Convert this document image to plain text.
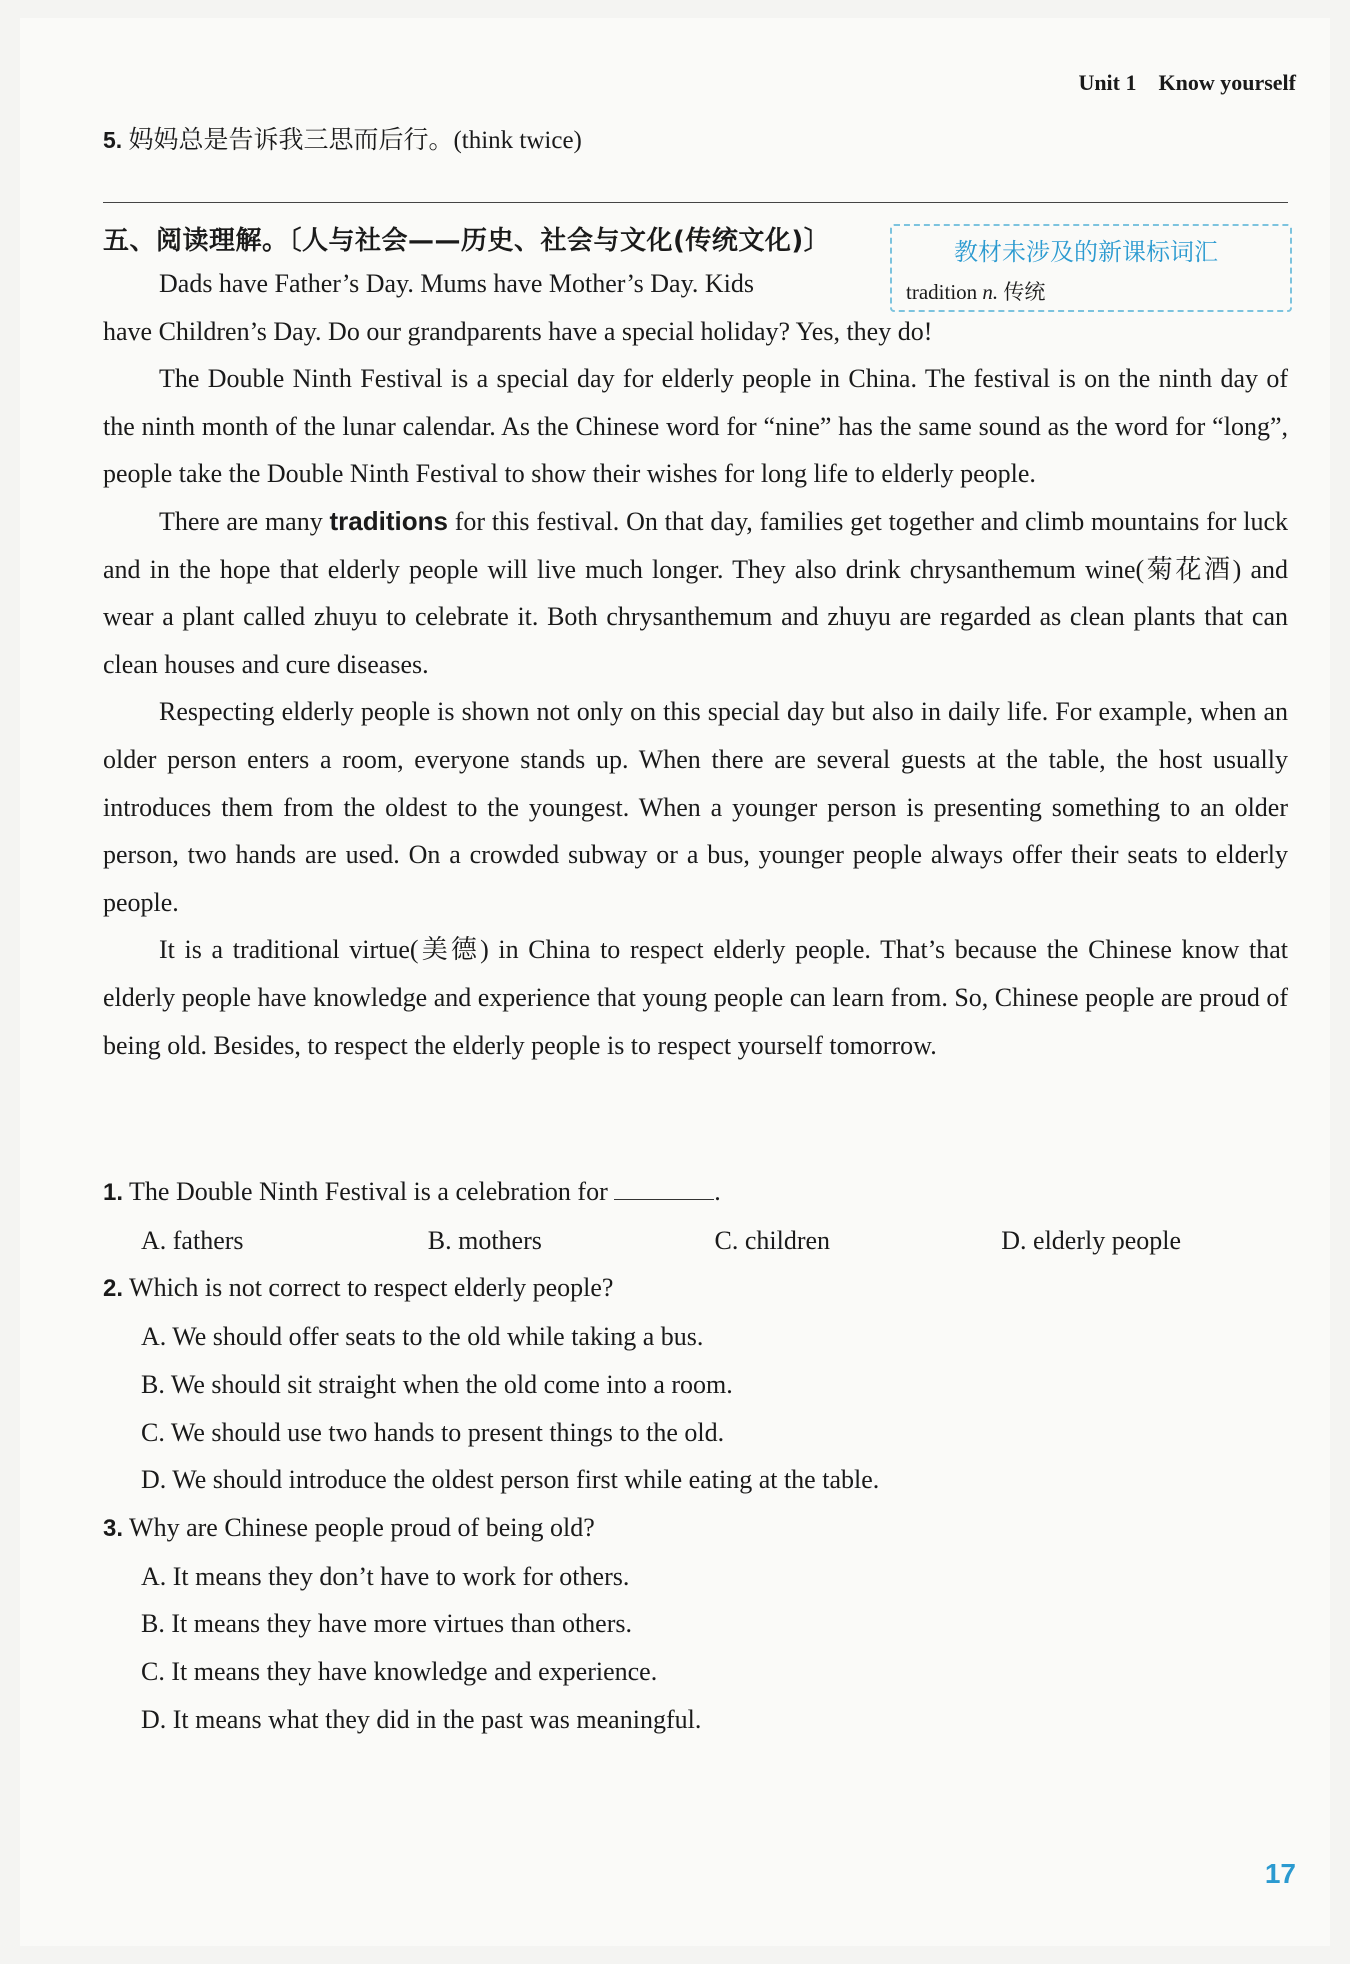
Unit 1 Know yourself
5. 妈妈总是告诉我三思而后行。(think twice)
五、阅读理解。〔人与社会——历史、社会与文化(传统文化)〕	教材未涉及的新课标词汇
tradition n. 传统

Dads have Father’s Day. Mums have Mother’s Day. Kids

have Children’s Day. Do our grandparents have a special holiday? Yes, they do!

The Double Ninth Festival is a special day for elderly people in China. The festival is on the ninth day of the ninth month of the lunar calendar. As the Chinese word for “nine” has the same sound as the word for “long”, people take the Double Ninth Festival to show their wishes for long life to elderly people.

There are many traditions for this festival. On that day, families get together and climb mountains for luck and in the hope that elderly people will live much longer. They also drink chrysanthemum wine(菊花酒) and wear a plant called zhuyu to celebrate it. Both chrysanthemum and zhuyu are regarded as clean plants that can clean houses and cure diseases.

Respecting elderly people is shown not only on this special day but also in daily life. For example, when an older person enters a room, everyone stands up. When there are several guests at the table, the host usually introduces them from the oldest to the youngest. When a younger person is presenting something to an older person, two hands are used. On a crowded subway or a bus, younger people always offer their seats to elderly people.

It is a traditional virtue(美德) in China to respect elderly people. That’s because the Chinese know that elderly people have knowledge and experience that young people can learn from. So, Chinese people are proud of being old. Besides, to respect the elderly people is to respect yourself tomorrow.

1. The Double Ninth Festival is a celebration for	.
A. fathers	B. mothers	C. children	D. elderly people
2. Which is not correct to respect elderly people?
A. We should offer seats to the old while taking a bus.
B. We should sit straight when the old come into a room.
C. We should use two hands to present things to the old.
D. We should introduce the oldest person first while eating at the table.
3. Why are Chinese people proud of being old?
A. It means they don’t have to work for others.
B. It means they have more virtues than others.
C. It means they have knowledge and experience.
D. It means what they did in the past was meaningful.
17
